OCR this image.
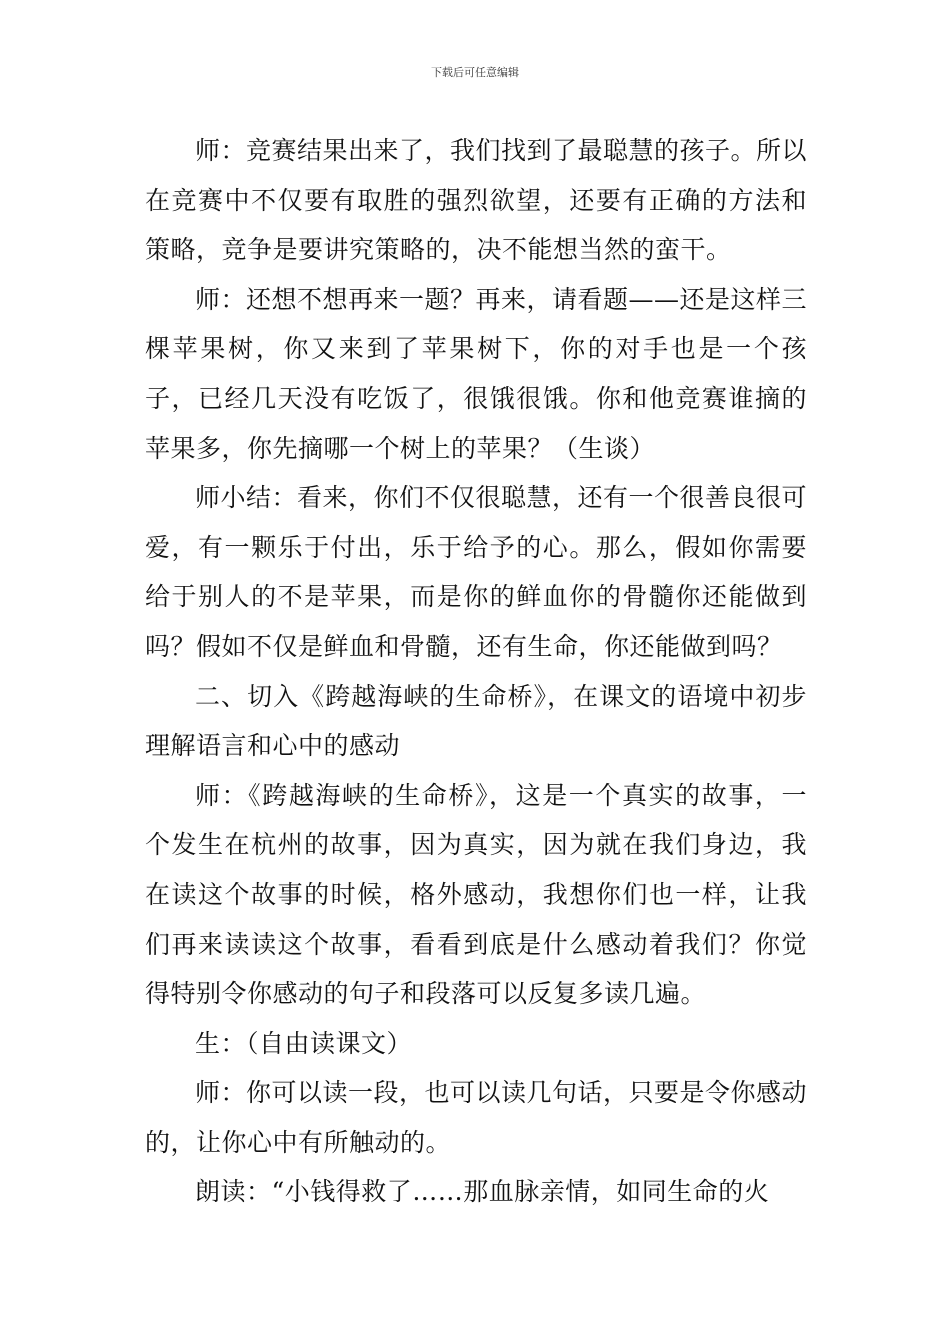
下载后可任意编辑

师：竞赛结果出来了，我们找到了最聪慧的孩子。所以在竞赛中不仅要有取胜的强烈欲望，还要有正确的方法和策略，竞争是要讲究策略的，决不能想当然的蛮干。

师：还想不想再来一题？再来，请看题——还是这样三棵苹果树，你又来到了苹果树下，你的对手也是一个孩子，已经几天没有吃饭了，很饿很饿。你和他竞赛谁摘的苹果多，你先摘哪一个树上的苹果？（生谈）

师小结：看来，你们不仅很聪慧，还有一个很善良很可爱，有一颗乐于付出，乐于给予的心。那么，假如你需要给于别人的不是苹果，而是你的鲜血你的骨髓你还能做到吗？假如不仅是鲜血和骨髓，还有生命，你还能做到吗？

二、切入《跨越海峡的生命桥》，在课文的语境中初步理解语言和心中的感动

师：《跨越海峡的生命桥》，这是一个真实的故事，一个发生在杭州的故事，因为真实，因为就在我们身边，我在读这个故事的时候，格外感动，我想你们也一样，让我们再来读读这个故事，看看到底是什么感动着我们？你觉得特别令你感动的句子和段落可以反复多读几遍。

生：（自由读课文）

师：你可以读一段，也可以读几句话，只要是令你感动的，让你心中有所触动的。

朗读：“小钱得救了……那血脉亲情，如同生命的火
